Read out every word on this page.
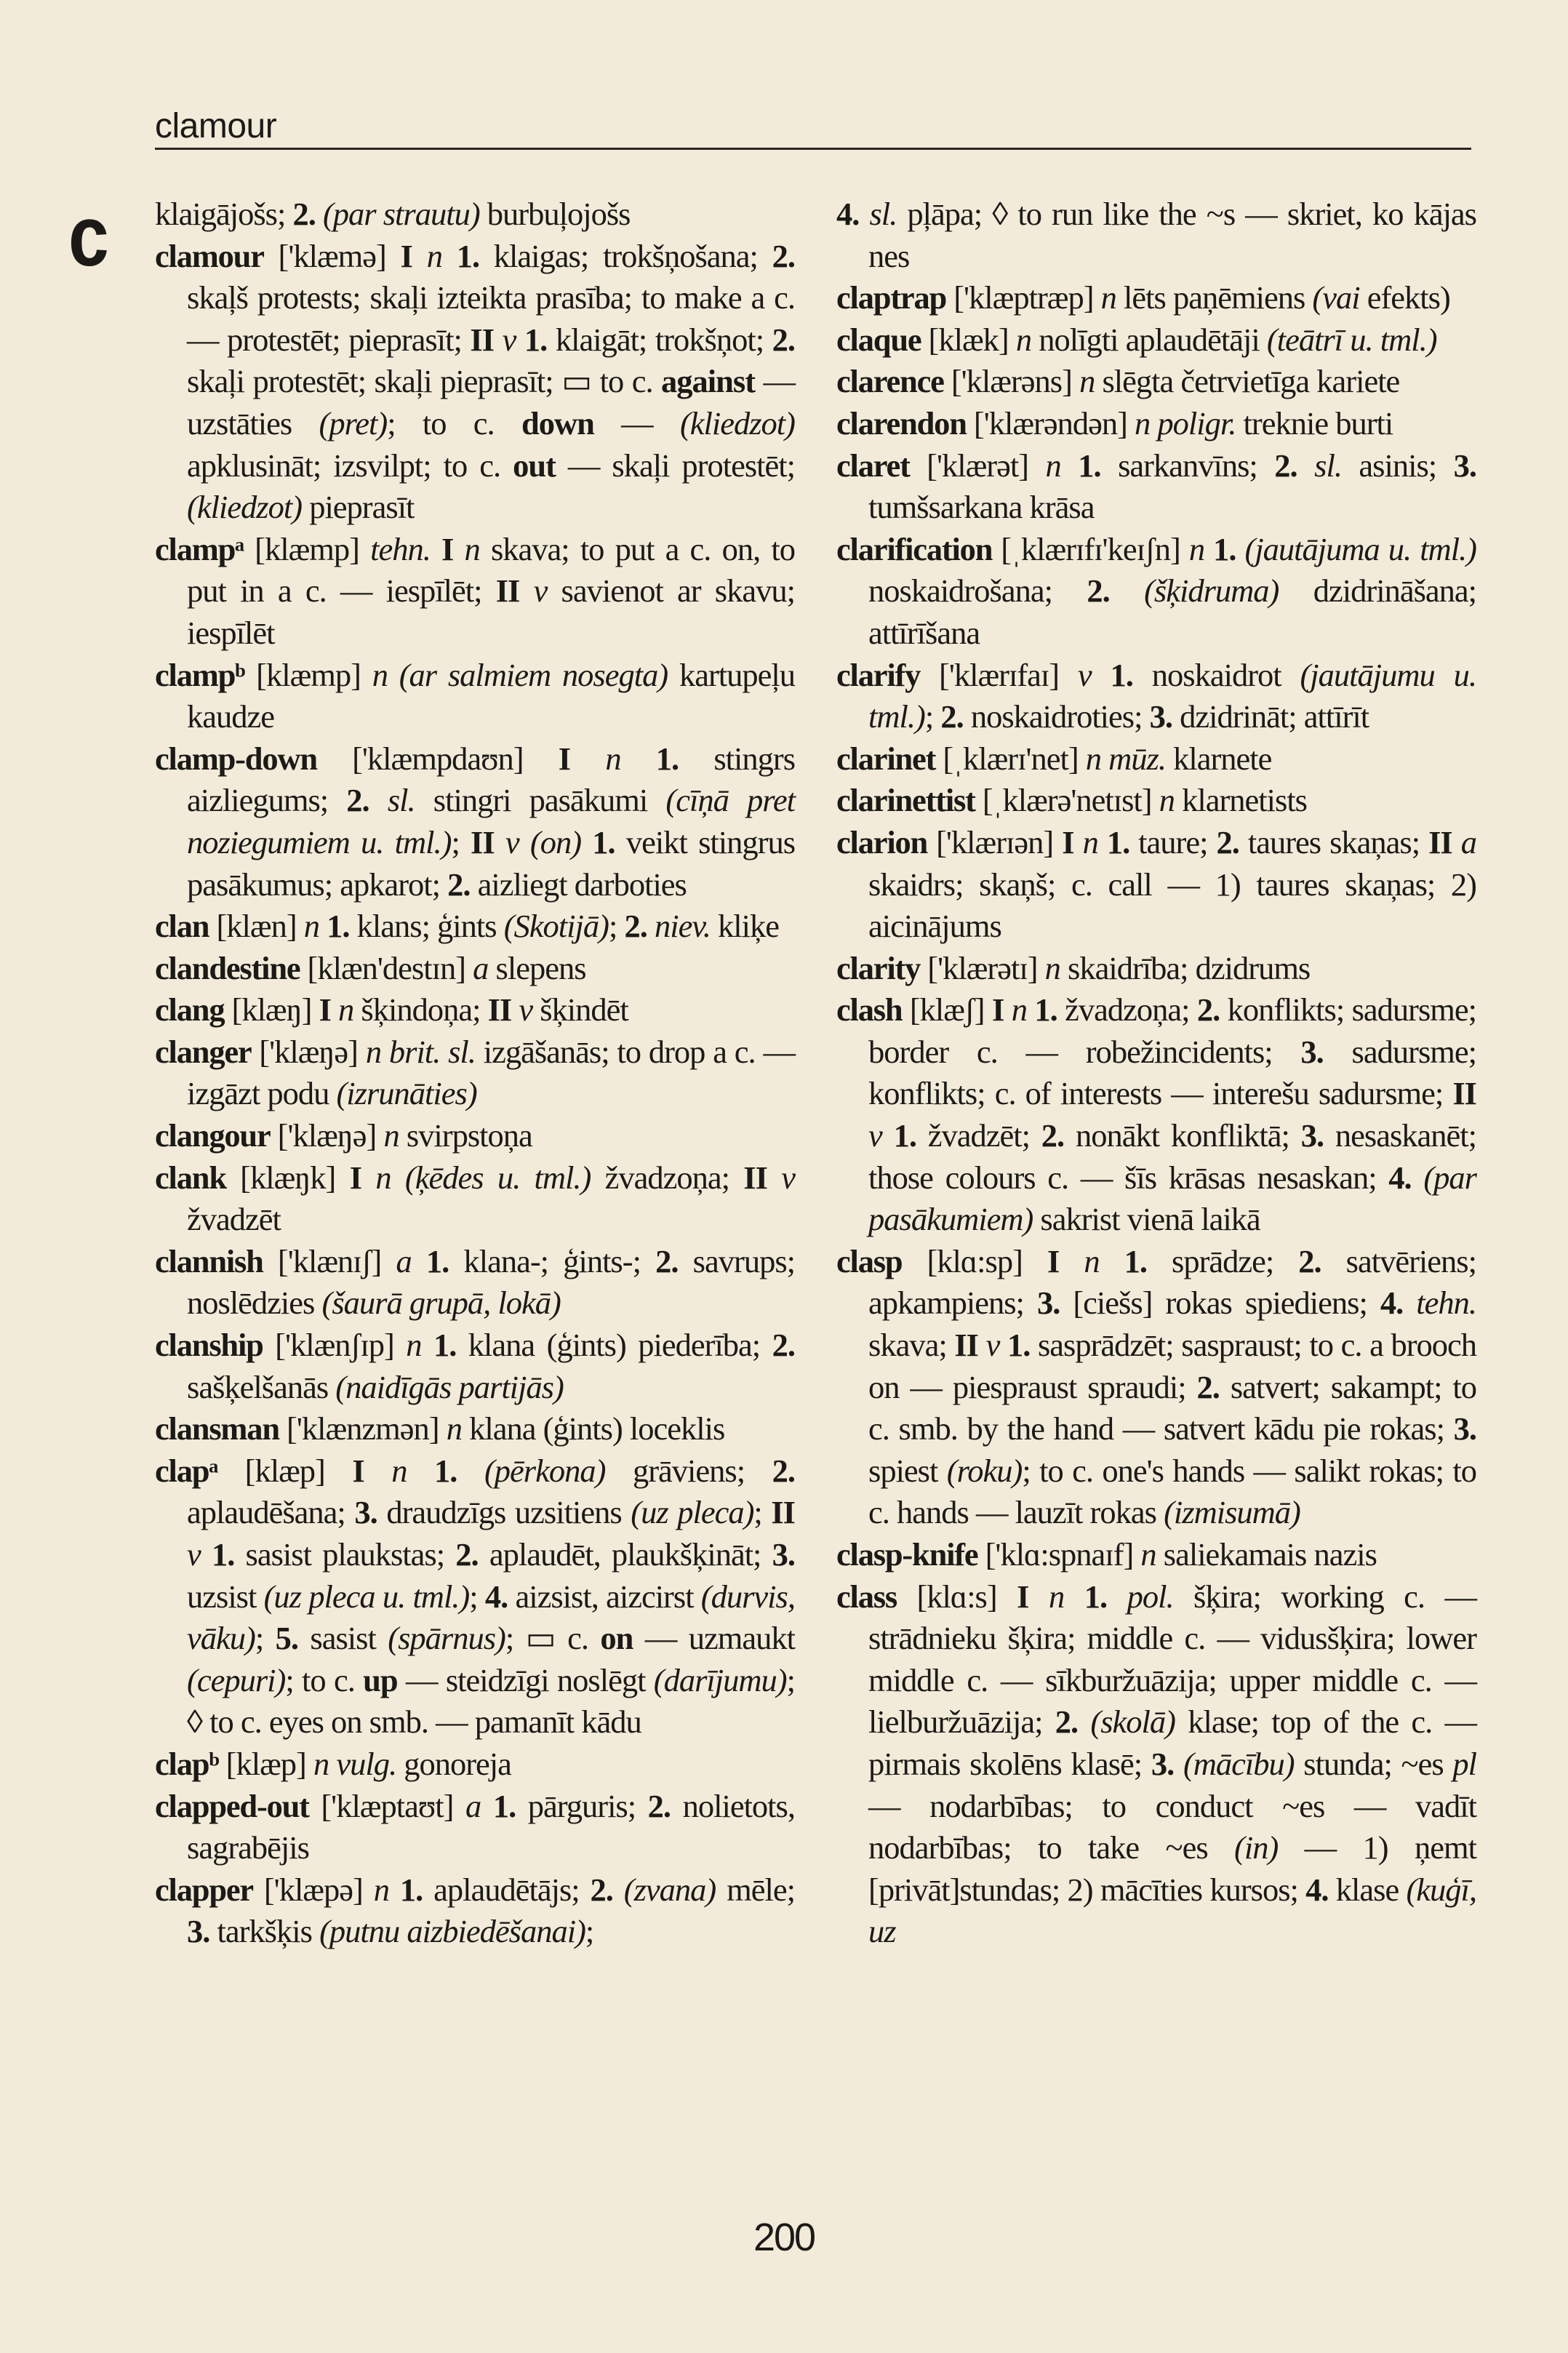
clamour
c klaigājošs; 2. (par strautu) burbuļojošs

clamour ['klæmə] I n 1. klaigas; trokšņošana; 2. skaļš protests; skaļi izteikta prasība; to make a c. — protestēt; pieprasīt; II v 1. klaigāt; trokšņot; 2. skaļi protestēt; skaļi pieprasīt; ▭ to c. against — uzstāties (pret); to c. down — (kliedzot) apklusināt; izsvilpt; to c. out — skaļi protestēt; (kliedzot) pieprasīt

clampᵃ [klæmp] tehn. I n skava; to put a c. on, to put in a c. — iespīlēt; II v savienot ar skavu; iespīlēt

clampᵇ [klæmp] n (ar salmiem nosegta) kartupeļu kaudze

clamp-down ['klæmpdaʊn] I n 1. stingrs aizliegums; 2. sl. stingri pasākumi (cīņā pret noziegumiem u. tml.); II v (on) 1. veikt stingrus pasākumus; apkarot; 2. aizliegt darboties

clan [klæn] n 1. klans; ģints (Skotijā); 2. niev. kliķe

clandestine [klæn'destɪn] a slepens

clang [klæŋ] I n šķindoņa; II v šķindēt

clanger ['klæŋə] n brit. sl. izgāšanās; to drop a c. — izgāzt podu (izrunāties)

clangour ['klæŋə] n svirpstoņa

clank [klæŋk] I n (ķēdes u. tml.) žvadzoņa; II v žvadzēt

clannish ['klænɪʃ] a 1. klana-; ģints-; 2. savrups; noslēdzies (šaurā grupā, lokā)

clanship ['klænʃɪp] n 1. klana (ģints) piederība; 2. sašķelšanās (naidīgās partijās)

clansman ['klænzmən] n klana (ģints) loceklis

clapᵃ [klæp] I n 1. (pērkona) grāviens; 2. aplaudēšana; 3. draudzīgs uzsitiens (uz pleca); II v 1. sasist plaukstas; 2. aplaudēt, plaukšķināt; 3. uzsist (uz pleca u. tml.); 4. aizsist, aizcirst (durvis, vāku); 5. sasist (spārnus); ▭ c. on — uzmaukt (cepuri); to c. up — steidzīgi noslēgt (darījumu); ◊ to c. eyes on smb. — pamanīt kādu

clapᵇ [klæp] n vulg. gonoreja

clapped-out ['klæptaʊt] a 1. pārguris; 2. nolietots, sagrabējis

clapper ['klæpə] n 1. aplaudētājs; 2. (zvana) mēle; 3. tarkšķis (putnu aizbiedēšanai);

4. sl. pļāpa; ◊ to run like the ~s — skriet, ko kājas nes

claptrap ['klæptræp] n lēts paņēmiens (vai efekts)

claque [klæk] n nolīgti aplaudētāji (teātrī u. tml.)

clarence ['klærəns] n slēgta četrvietīga kariete

clarendon ['klærəndən] n poligr. treknie burti

claret ['klærət] n 1. sarkanvīns; 2. sl. asinis; 3. tumšsarkana krāsa

clarification [ˌklærɪfɪ'keɪʃn] n 1. (jautājuma u. tml.) noskaidrošana; 2. (šķidruma) dzidrināšana; attīrīšana

clarify ['klærɪfaɪ] v 1. noskaidrot (jautājumu u. tml.); 2. noskaidroties; 3. dzidrināt; attīrīt

clarinet [ˌklærɪ'net] n mūz. klarnete

clarinettist [ˌklærə'netɪst] n klarnetists

clarion ['klærɪən] I n 1. taure; 2. taures skaņas; II a skaidrs; skaņš; c. call — 1) taures skaņas; 2) aicinājums

clarity ['klærətɪ] n skaidrība; dzidrums

clash [klæʃ] I n 1. žvadzoņa; 2. konflikts; sadursme; border c. — robežincidents; 3. sadursme; konflikts; c. of interests — interešu sadursme; II v 1. žvadzēt; 2. nonākt konfliktā; 3. nesaskanēt; those colours c. — šīs krāsas nesaskan; 4. (par pasākumiem) sakrist vienā laikā

clasp [klɑ:sp] I n 1. sprādze; 2. satvēriens; apkampiens; 3. [ciešs] rokas spiediens; 4. tehn. skava; II v 1. sasprādzēt; saspraust; to c. a brooch on — piespraust spraudi; 2. satvert; sakampt; to c. smb. by the hand — satvert kādu pie rokas; 3. spiest (roku); to c. one's hands — salikt rokas; to c. hands — lauzīt rokas (izmisumā)

clasp-knife ['klɑ:spnaɪf] n saliekamais nazis

class [klɑ:s] I n 1. pol. šķira; working c. — strādnieku šķira; middle c. — vidusšķira; lower middle c. — sīkburžuāzija; upper middle c. — lielburžuāzija; 2. (skolā) klase; top of the c. — pirmais skolēns klasē; 3. (mācību) stunda; ~es pl — nodarbības; to conduct ~es — vadīt nodarbības; to take ~es (in) — 1) ņemt [privāt]stundas; 2) mācīties kursos; 4. klase (kuģī, uz

200
